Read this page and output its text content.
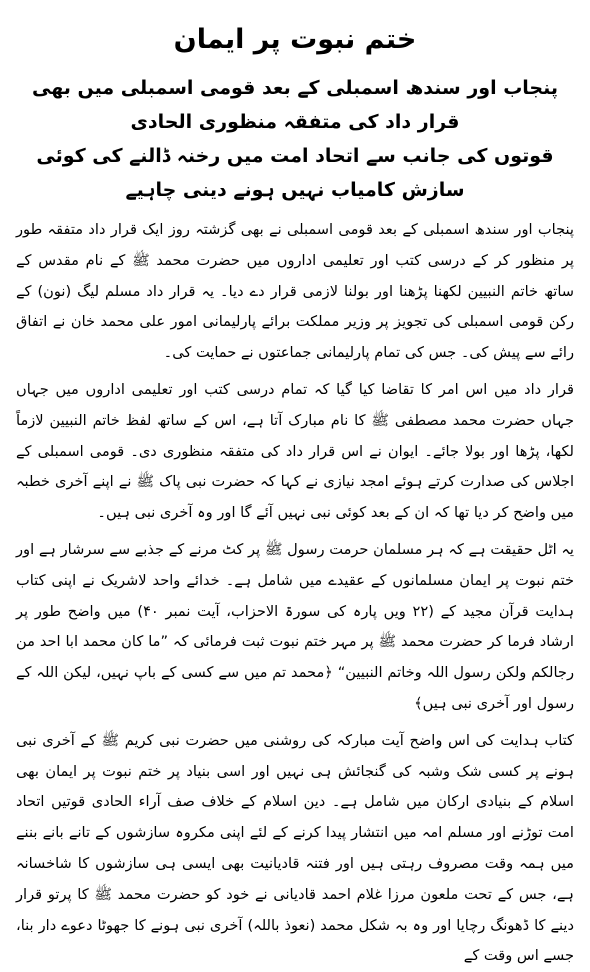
ختم نبوت پر ایمان
پنجاب اور سندھ اسمبلی کے بعد قومی اسمبلی میں بھی قرار داد کی متفقہ منظوری الحادی
قوتوں کی جانب سے اتحاد امت میں رخنہ ڈالنے کی کوئی سازش کامیاب نہیں ہونے دینی چاہیے

پنجاب اور سندھ اسمبلی کے بعد قومی اسمبلی نے بھی گزشتہ روز ایک قرار داد متفقہ طور پر منظور کر کے درسی کتب اور تعلیمی اداروں میں حضرت محمد ﷺ کے نام مقدس کے ساتھ خاتم النبیین لکھنا پڑھنا اور بولنا لازمی قرار دے دیا۔ یہ قرار داد مسلم لیگ (نون) کے رکن قومی اسمبلی کی تجویز پر وزیر مملکت برائے پارلیمانی امور علی محمد خان نے اتفاق رائے سے پیش کی۔ جس کی تمام پارلیمانی جماعتوں نے حمایت کی۔

قرار داد میں اس امر کا تقاضا کیا گیا کہ تمام درسی کتب اور تعلیمی اداروں میں جہاں جہاں حضرت محمد مصطفی ﷺ کا نام مبارک آتا ہے، اس کے ساتھ لفظ خاتم النبیین لازماً لکھا، پڑھا اور بولا جائے۔ ایوان نے اس قرار داد کی متفقہ منظوری دی۔ قومی اسمبلی کے اجلاس کی صدارت کرتے ہوئے امجد نیازی نے کہا کہ حضرت نبی پاک ﷺ نے اپنے آخری خطبہ میں واضح کر دیا تھا کہ ان کے بعد کوئی نبی نہیں آئے گا اور وہ آخری نبی ہیں۔

یہ اٹل حقیقت ہے کہ ہر مسلمان حرمت رسول ﷺ پر کٹ مرنے کے جذبے سے سرشار ہے اور ختم نبوت پر ایمان مسلمانوں کے عقیدے میں شامل ہے۔ خدائے واحد لاشریک نے اپنی کتاب ہدایت قرآن مجید کے (۲۲ ویں پارہ کی سورۃ الاحزاب، آیت نمبر ۴۰) میں واضح طور پر ارشاد فرما کر حضرت محمد ﷺ پر مہر ختم نبوت ثبت فرمائی کہ ”ما کان محمد ابا احد من رجالکم ولکن رسول اللہ وخاتم النبیین“ ﴿محمد تم میں سے کسی کے باپ نہیں، لیکن اللہ کے رسول اور آخری نبی ہیں﴾

کتاب ہدایت کی اس واضح آیت مبارکہ کی روشنی میں حضرت نبی کریم ﷺ کے آخری نبی ہونے پر کسی شک وشبہ کی گنجائش ہی نہیں اور اسی بنیاد پر ختم نبوت پر ایمان بھی اسلام کے بنیادی ارکان میں شامل ہے۔ دین اسلام کے خلاف صف آراء الحادی قوتیں اتحاد امت توڑنے اور مسلم امہ میں انتشار پیدا کرنے کے لئے اپنی مکروہ سازشوں کے تانے بانے بننے میں ہمہ وقت مصروف رہتی ہیں اور فتنہ قادیانیت بھی ایسی ہی سازشوں کا شاخسانہ ہے، جس کے تحت ملعون مرزا غلام احمد قادیانی نے خود کو حضرت محمد ﷺ کا پرتو قرار دینے کا ڈھونگ رچایا اور وہ بہ شکل محمد (نعوذ باللہ) آخری نبی ہونے کا جھوٹا دعوے دار بنا، جسے اس وقت کے
